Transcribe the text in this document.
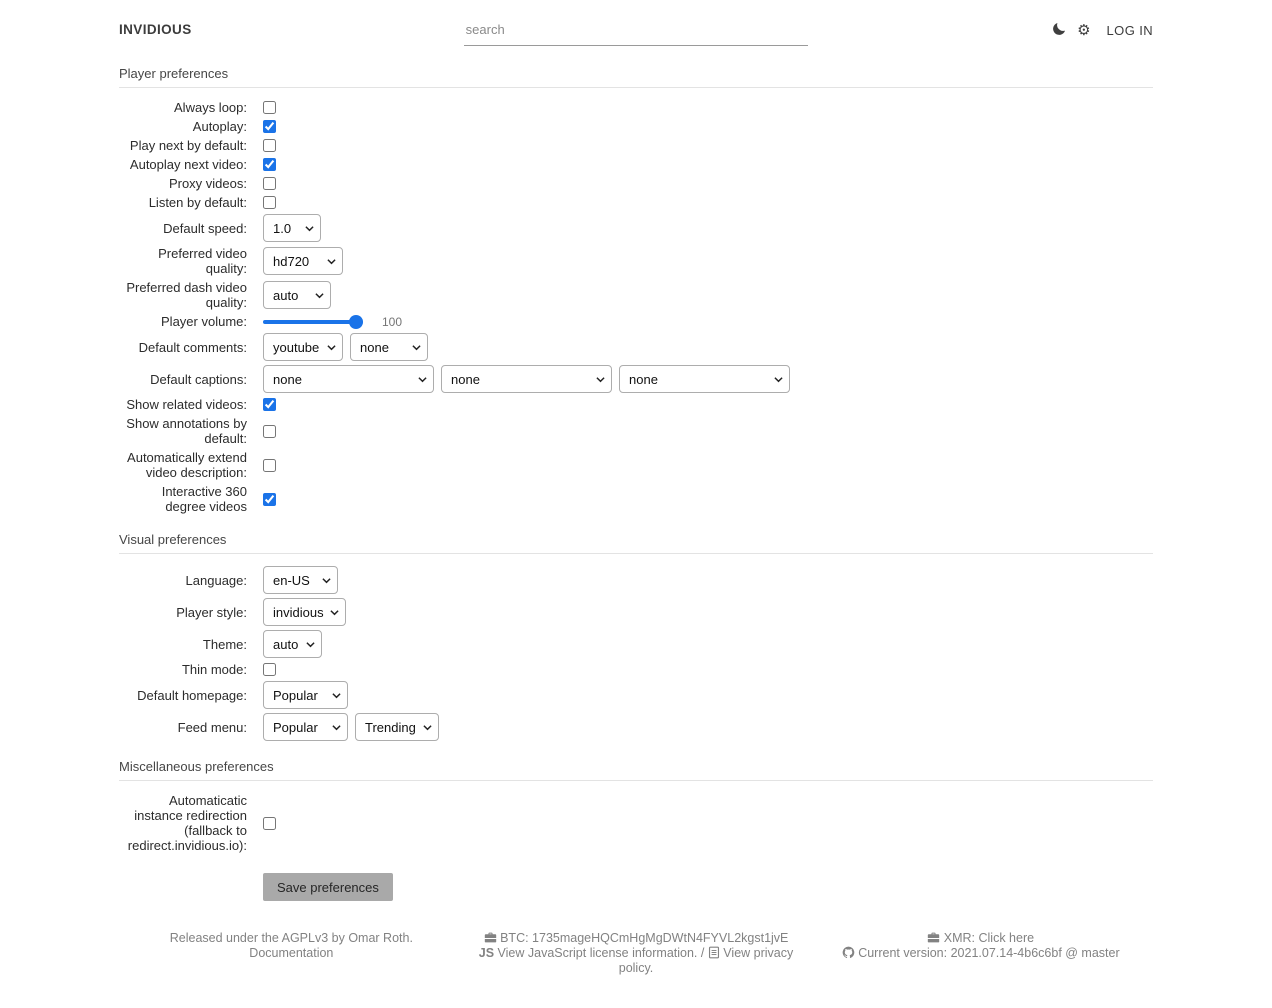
INVIDIOUS
search	⚙ LOG IN
Player preferences
Always loop:
Autoplay:
Play next by default:
Autoplay next video:
Proxy videos:
Listen by default:
Default speed:
1.0
Preferred video quality:
hd720
Preferred dash video quality:
auto
Player volume:	100
Default comments:
youtube
none
Default captions:
none
none
none
Show related videos:
Show annotations by default:
Automatically extend video description:
Interactive 360 degree videos
Visual preferences
Language:
en-US
Player style:
invidious
Theme:
auto
Thin mode:
Default homepage:
Popular
Feed menu:
Popular
Trending
Miscellaneous preferences
Automaticatic instance redirection (fallback to redirect.invidious.io):
Save preferences
Released under the AGPLv3 by Omar Roth.
Documentation
BTC: 1735mageHQCmHgMgDWtN4FYVL2kgst1jvE
JS View JavaScript license information. /
View privacy policy.
XMR: Click here
Current version: 2021.07.14-4b6c6bf @ master
